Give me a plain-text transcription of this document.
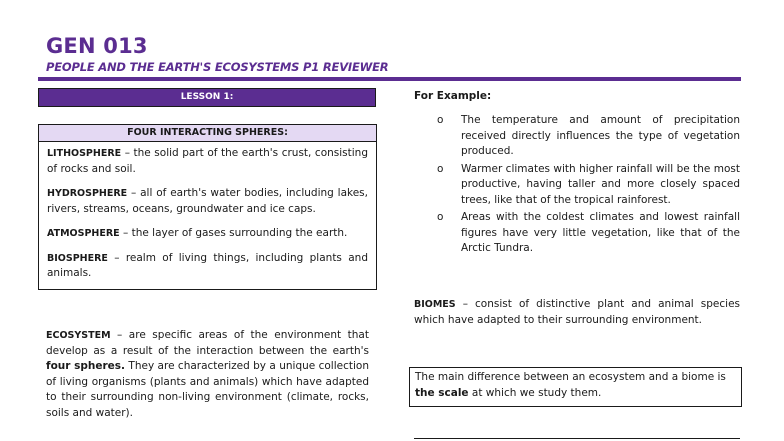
GEN 013
PEOPLE AND THE EARTH'S ECOSYSTEMS P1 REVIEWER
LESSON 1:
FOUR INTERACTING SPHERES:

LITHOSPHERE – the solid part of the earth's crust, consisting of rocks and soil.

HYDROSPHERE – all of earth's water bodies, including lakes, rivers, streams, oceans, groundwater and ice caps.

ATMOSPHERE – the layer of gases surrounding the earth.

BIOSPHERE – realm of living things, including plants and animals.

ECOSYSTEM – are specific areas of the environment that develop as a result of the interaction between the earth's four spheres. They are characterized by a unique collection of living organisms (plants and animals) which have adapted to their surrounding non-living environment (climate, rocks, soils and water).

For Example:
o The temperature and amount of precipitation received directly influences the type of vegetation produced.
o Warmer climates with higher rainfall will be the most productive, having taller and more closely spaced trees, like that of the tropical rainforest.
o Areas with the coldest climates and lowest rainfall figures have very little vegetation, like that of the Arctic Tundra.

BIOMES – consist of distinctive plant and animal species which have adapted to their surrounding environment.

The main difference between an ecosystem and a biome is the scale at which we study them.
